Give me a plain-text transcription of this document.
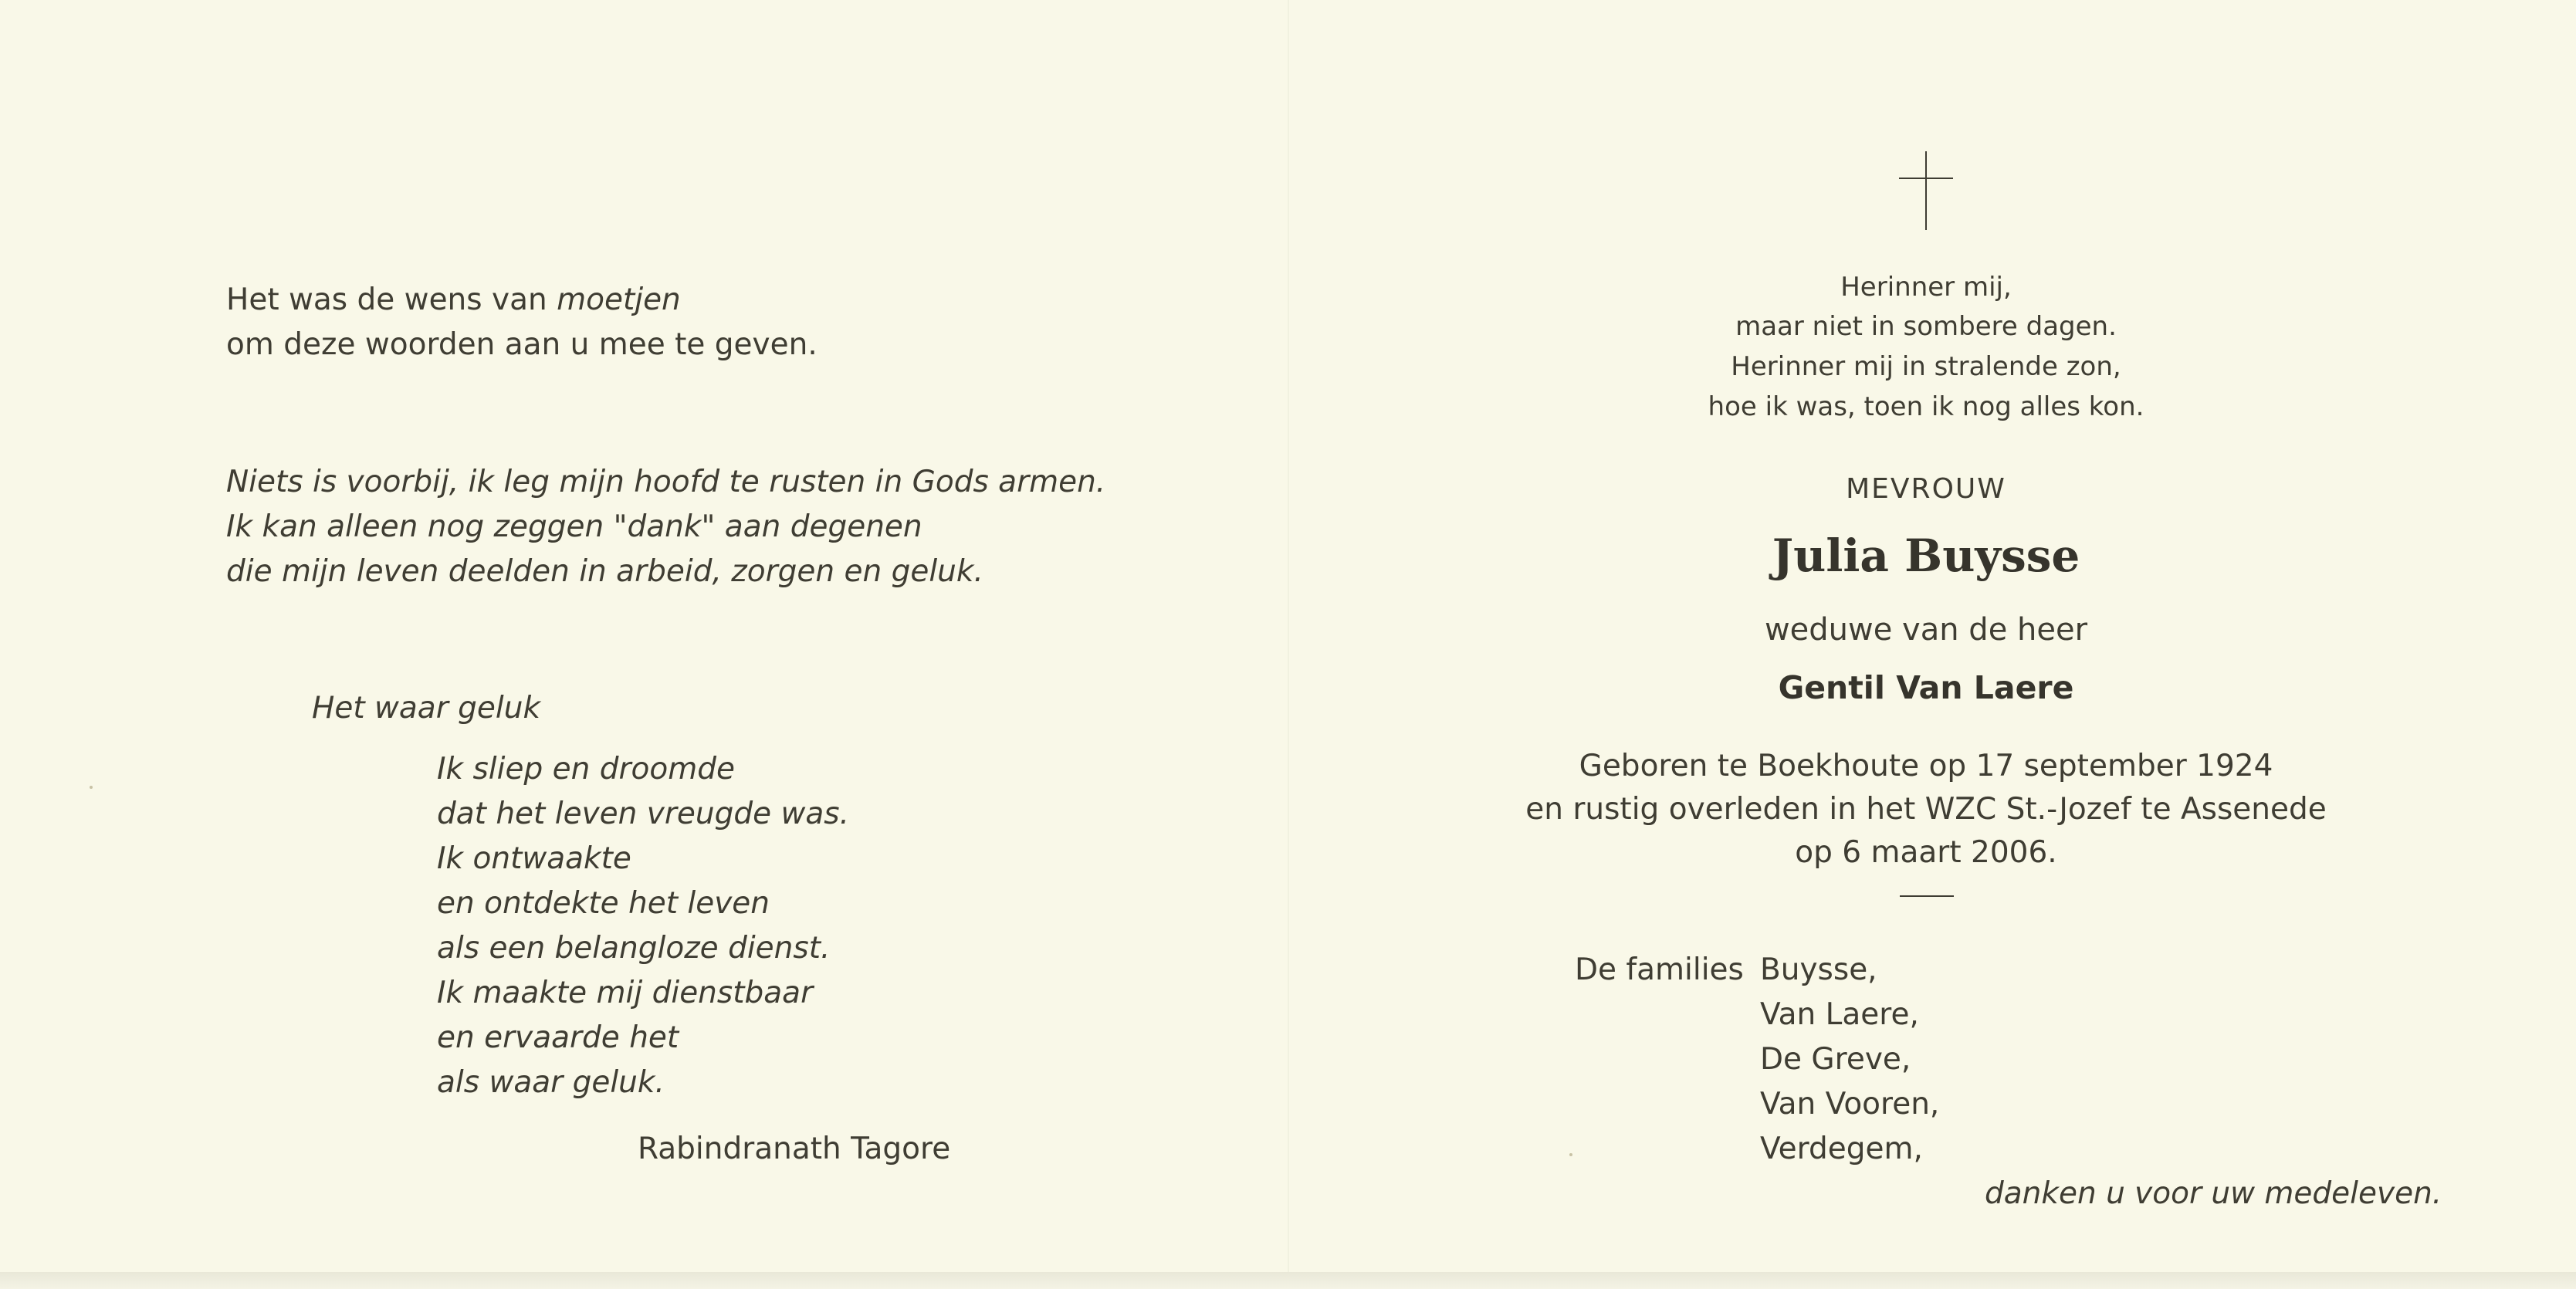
Het was de wens van moetjen
om deze woorden aan u mee te geven.
Niets is voorbij, ik leg mijn hoofd te rusten in Gods armen.
Ik kan alleen nog zeggen "dank" aan degenen
die mijn leven deelden in arbeid, zorgen en geluk.
Het waar geluk
Ik sliep en droomde
dat het leven vreugde was.
Ik ontwaakte
en ontdekte het leven
als een belangloze dienst.
Ik maakte mij dienstbaar
en ervaarde het
als waar geluk.
Rabindranath Tagore
Herinner mij,
maar niet in sombere dagen.
Herinner mij in stralende zon,
hoe ik was, toen ik nog alles kon.
MEVROUW
Julia Buysse
weduwe van de heer
Gentil Van Laere
Geboren te Boekhoute op 17 september 1924
en rustig overleden in het WZC St.-Jozef te Assenede
op 6 maart 2006.
De families Buysse,
Van Laere,
De Greve,
Van Vooren,
Verdegem,
danken u voor uw medeleven.
